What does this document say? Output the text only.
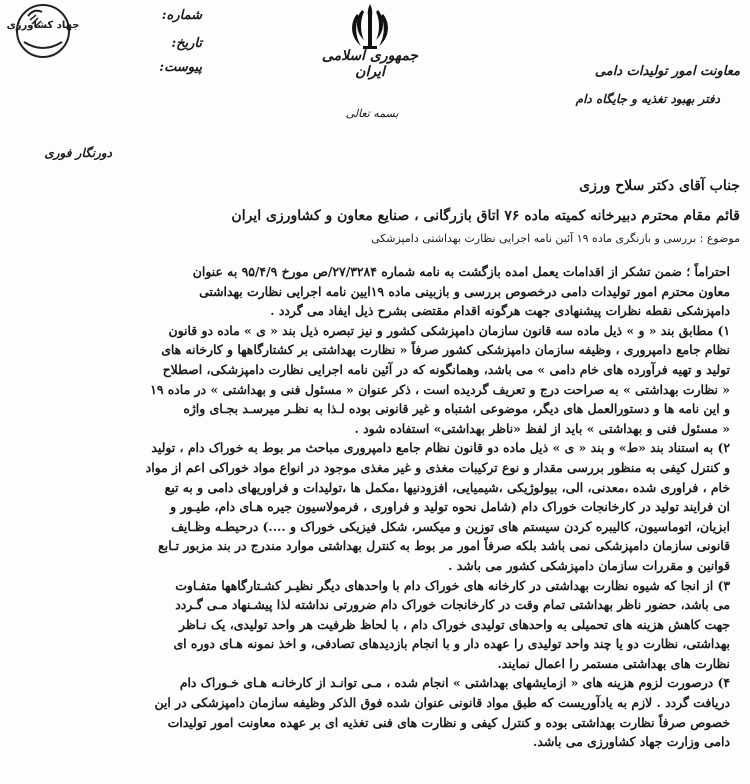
جهاد کشاورزی
شماره:
تاریخ:
پیوست:
جمهوری اسلامی ایران	معاونت امور تولیدات دامی
دفتر بهبود تغذیه و جایگاه دام
بسمه تعالی
دورنگار فوری
جناب آقای دکتر سلاح ورزی
قائم مقام محترم دبیرخانه کمیته ماده ۷۶ اتاق بازرگانی ، صنایع معاون و کشاورزی ایران
موضوع : بررسی و بازنگری ماده ۱۹ آئین نامه اجرایی نظارت بهداشتی دامپزشکی
احتراماً ؛ ضمن تشکر از اقدامات یعمل امده بازگشت به نامه شماره ۲۷/۳۲۸۴/ص مورخ ۹۵/۴/۹ به عنوان
معاون محترم امور تولیدات دامی درخصوص بررسی و بازبینی ماده ۱۹ایین نامه اجرایی نظارت بهداشتی
دامپزشکی نقطه نظرات پیشنهادی جهت هرگونه اقدام مقتضی بشرح ذیل ایفاد می گردد .
۱) مطابق بند « و » ذیل ماده سه قانون سازمان دامپزشکی کشور و نیز تبصره ذیل بند « ی » ماده دو قانون
نظام جامع دامپروری ، وظیفه سازمان دامپزشکی کشور صرفاً « نظارت بهداشتی بر کشتارگاهها و کارخانه های
تولید و تهیه فرآورده های خام دامی » می باشد، وهمانگونه که در آئین نامه اجرایی نظارت دامپزشکی، اصطلاح
« نظارت بهداشتی » به صراحت درج و تعریف گردیده است ، ذکر عنوان « مسئول فنی و بهداشتی » در ماده ۱۹
و این نامه ها و دستورالعمل های دیگر، موضوعی اشتباه و غیر قانونی بوده لـذا به نظـر میرسـد بجـای واژه
« مسئول فنی و بهداشتی » باید از لفظ «ناظر بهداشتی» استفاده شود .
۲) به استناد بند «ط» و بند « ی » ذیل ماده دو قانون نظام جامع دامپروری مباحث مر بوط به خوراک دام ، تولید
و کنترل کیفی به منظور بررسی مقدار و نوع ترکیبات مغذی و غیر مغذی موجود در انواع مواد خوراکی اعم از مواد
خام ، فراوری شده ،معدنی، الی، بیولوژیکی ،شیمیایی، افزودنیها ،مکمل ها ،تولیدات و فراوریهای دامی و به تبع
ان فرایند تولید در کارخانجات خوراک دام (شامل نحوه تولید و فراوری ، فرمولاسیون جیره هـای دام، طیـور و
ابزیان، اتوماسیون، کالیبره کردن سیستم های توزین و میکسر، شکل فیزیکی خوراک و ....) درحیطـه وظـایف
قانونی سازمان دامپزشکی نمی باشد بلکه صرفاً امور مر بوط به کنترل بهداشتی موارد مندرج در بند مزبور تـابع
قوانین و مقررات سازمان دامپزشکی کشور می باشد .
۳) از انجا که شیوه نظارت بهداشتی در کارخانه های خوراک دام با واحدهای دیگر نظیـر کشـتارگاهها متفـاوت
می باشد، حضور ناظر بهداشتی تمام وقت در کارخانجات خوراک دام ضرورتی نداشته لذا پیشـنهاد مـی گـردد
جهت کاهش هزینه های تحمیلی به واحدهای تولیدی خوراک دام ، با لحاظ ظرفیت هر واحد تولیدی، یک نـاظر
بهداشتی، نظارت دو یا چند واحد تولیدی را عهده دار و با انجام بازدیدهای تصادفی، و اخذ نمونه هـای دوره ای
نظارت های بهداشتی مستمر را اعمال نمایند.
۴) درصورت لزوم هزینه های « ازمایشهای بهداشتی » انجام شده ، مـی توانـد از کارخانـه هـای خـوراک دام
دریافت گردد . لازم به یادآوریست که طبق مواد قانونی عنوان شده فوق الذکر وظیفه سازمان دامپزشکی در این
خصوص صرفاً نظارت بهداشتی بوده و کنترل کیفی و نظارت های فنی تغذیه ای بر عهده معاونت امور تولیدات
دامی وزارت جهاد کشاورزی می باشد.
